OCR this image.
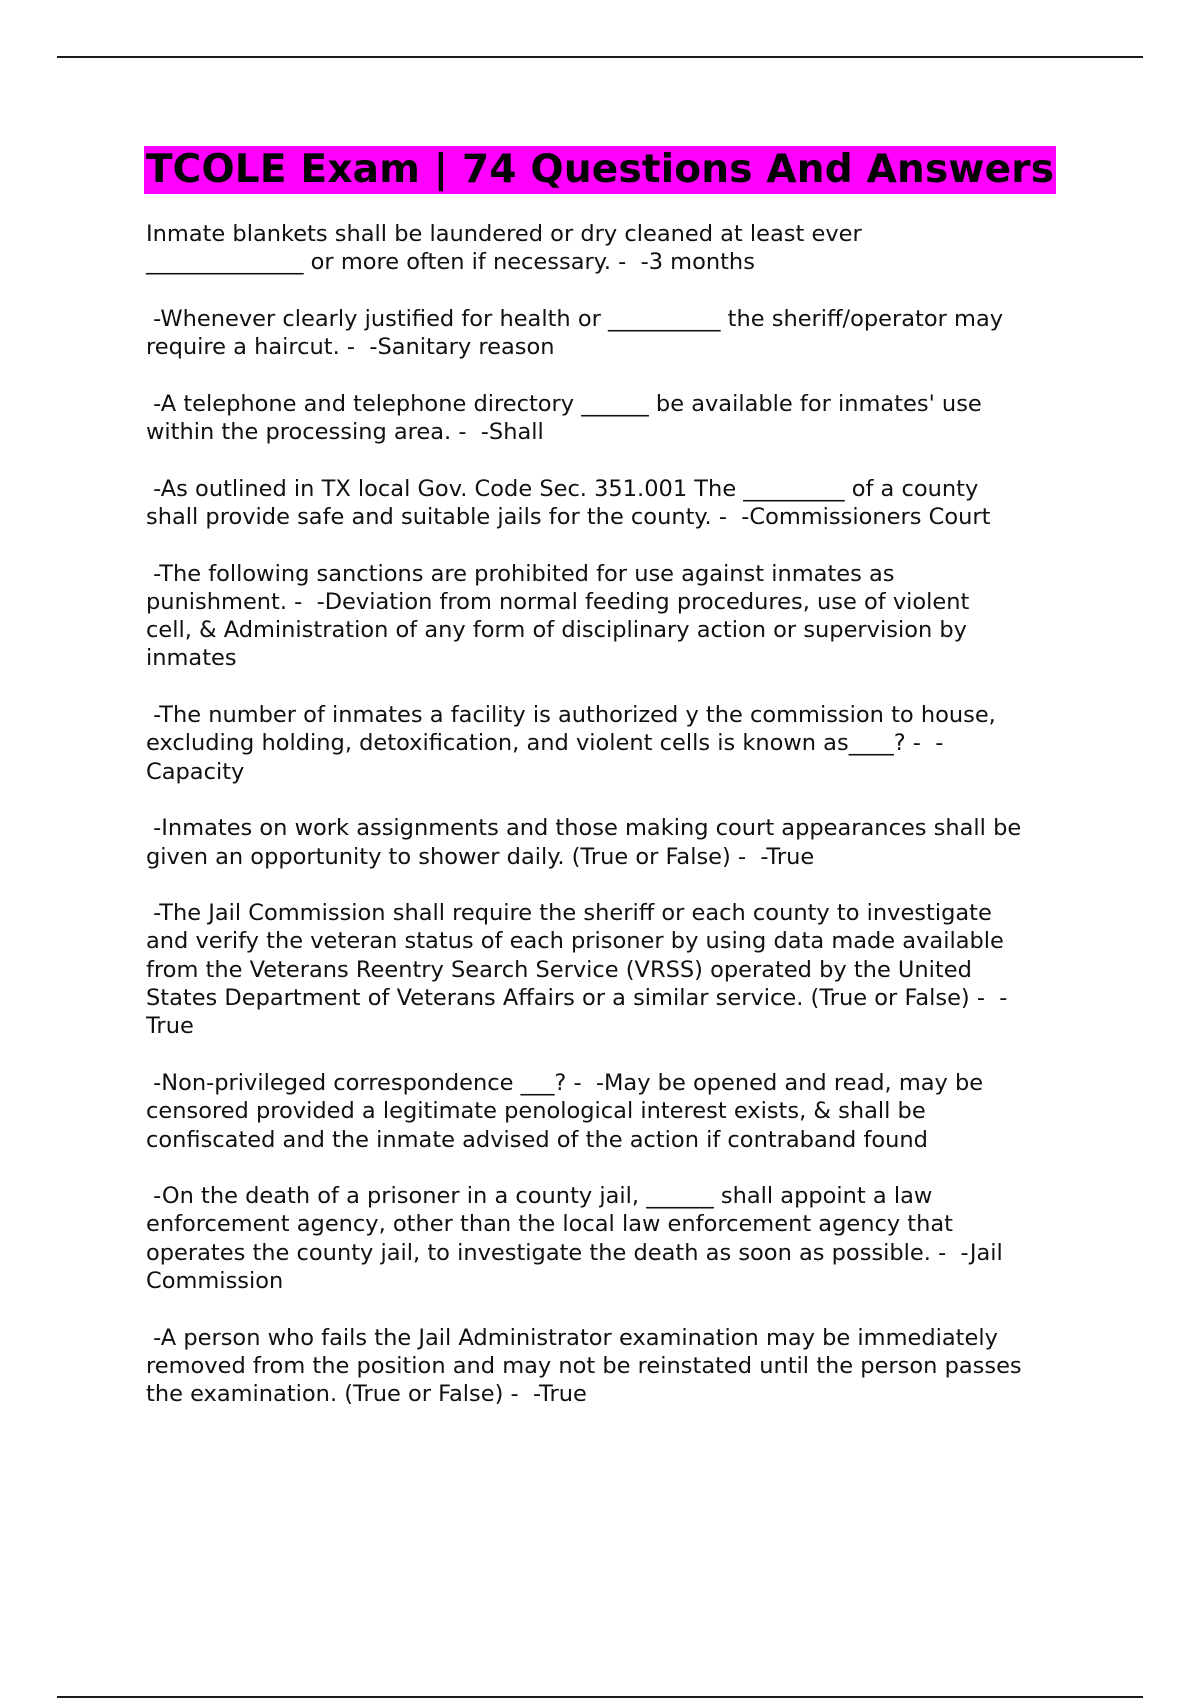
TCOLE Exam | 74 Questions And Answers

Inmate blankets shall be laundered or dry cleaned at least ever
______________ or more often if necessary. -  -3 months

-Whenever clearly justified for health or __________ the sheriff/operator may
require a haircut. -  -Sanitary reason

-A telephone and telephone directory ______ be available for inmates' use
within the processing area. -  -Shall

-As outlined in TX local Gov. Code Sec. 351.001 The _________ of a county
shall provide safe and suitable jails for the county. -  -Commissioners Court

-The following sanctions are prohibited for use against inmates as
punishment. -  -Deviation from normal feeding procedures, use of violent
cell, & Administration of any form of disciplinary action or supervision by
inmates

-The number of inmates a facility is authorized y the commission to house,
excluding holding, detoxification, and violent cells is known as____? -  -
Capacity

-Inmates on work assignments and those making court appearances shall be
given an opportunity to shower daily. (True or False) -  -True

-The Jail Commission shall require the sheriff or each county to investigate
and verify the veteran status of each prisoner by using data made available
from the Veterans Reentry Search Service (VRSS) operated by the United
States Department of Veterans Affairs or a similar service. (True or False) -  -
True

-Non-privileged correspondence ___? -  -May be opened and read, may be
censored provided a legitimate penological interest exists, & shall be
confiscated and the inmate advised of the action if contraband found

-On the death of a prisoner in a county jail, ______ shall appoint a law
enforcement agency, other than the local law enforcement agency that
operates the county jail, to investigate the death as soon as possible. -  -Jail
Commission

-A person who fails the Jail Administrator examination may be immediately
removed from the position and may not be reinstated until the person passes
the examination. (True or False) -  -True
